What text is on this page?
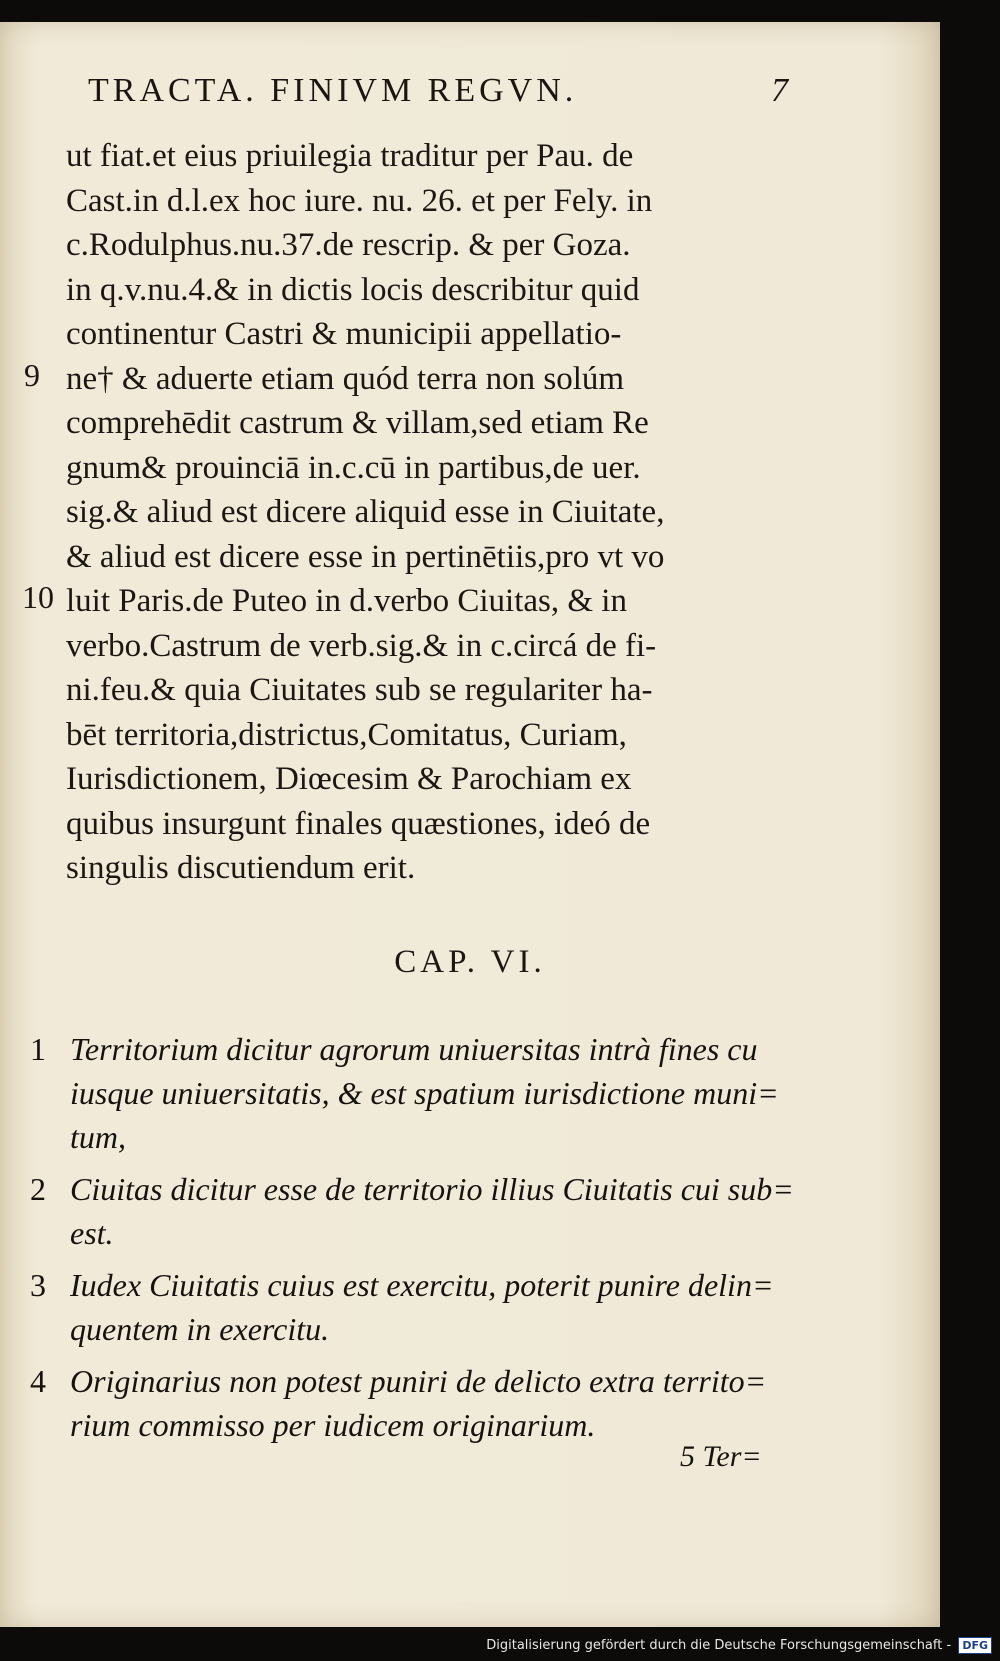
TRACTA. FINIVM REGVN.	7
ut fiat.et eius priuilegia traditur per Pau. de
Cast.in d.l.ex hoc iure. nu. 26. et per Fely. in
c.Rodulphus.nu.37.de rescrip. & per Goza.
in q.v.nu.4.& in dictis locis describitur quid
continentur Castri & municipii appellatio-
ne† & aduerte etiam quód terra non solúm
comprehēdit castrum & villam,sed etiam Re
gnum& prouinciā in.c.cū in partibus,de uer.
sig.& aliud est dicere aliquid esse in Ciuitate,
& aliud est dicere esse in pertinētiis,pro vt vo
luit Paris.de Puteo in d.verbo Ciuitas, & in
verbo.Castrum de verb.sig.& in c.circá de fi-
ni.feu.& quia Ciuitates sub se regulariter ha-
bēt territoria,districtus,Comitatus, Curiam,
Iurisdictionem, Diœcesim & Parochiam ex
quibus insurgunt finales quæstiones, ideó de
singulis discutiendum erit.
CAP. VI.
1 Territorium dicitur agrorum uniuersitas intrà fines cu iusque uniuersitatis, & est spatium iurisdictione muni= tum,
2 Ciuitas dicitur esse de territorio illius Ciuitatis cui sub= est.
3 Iudex Ciuitatis cuius est exercitu, poterit punire delin= quentem in exercitu.
4 Originarius non potest puniri de delicto extra territo= rium commisso per iudicem originarium.
5 Ter=
9
10
Digitalisierung gefördert durch die Deutsche Forschungsgemeinschaft - DFG
